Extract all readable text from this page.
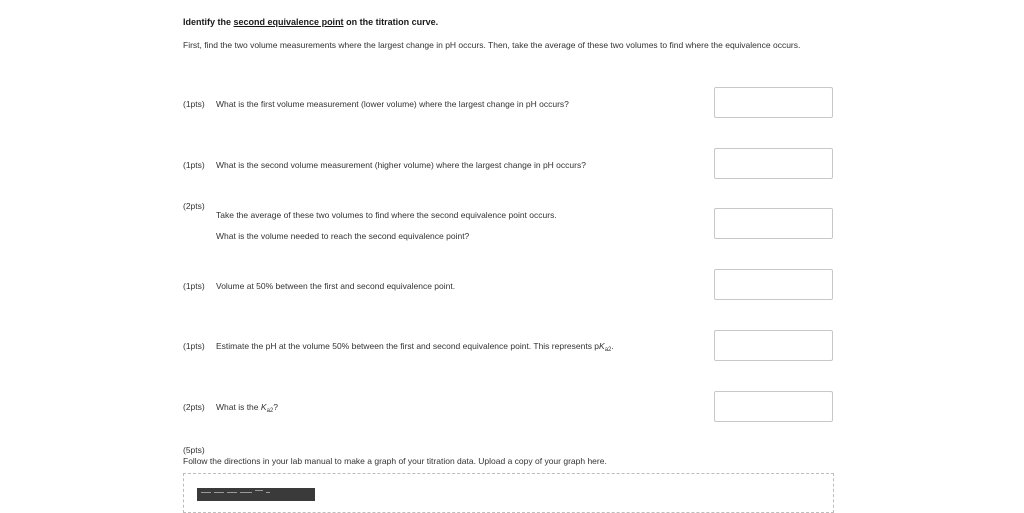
Identify the second equivalence point on the titration curve.
First, find the two volume measurements where the largest change in pH occurs. Then, take the average of these two volumes to find where the equivalence occurs.
(1pts) What is the first volume measurement (lower volume) where the largest change in pH occurs?
(1pts) What is the second volume measurement (higher volume) where the largest change in pH occurs?
(2pts)
Take the average of these two volumes to find where the second equivalence point occurs.
What is the volume needed to reach the second equivalence point?
(1pts) Volume at 50% between the first and second equivalence point.
(1pts) Estimate the pH at the volume 50% between the first and second equivalence point. This represents $pK_{a2}$.
(2pts) What is the $K_{a2}$?
(5pts)
Follow the directions in your lab manual to make a graph of your titration data. Upload a copy of your graph here.
